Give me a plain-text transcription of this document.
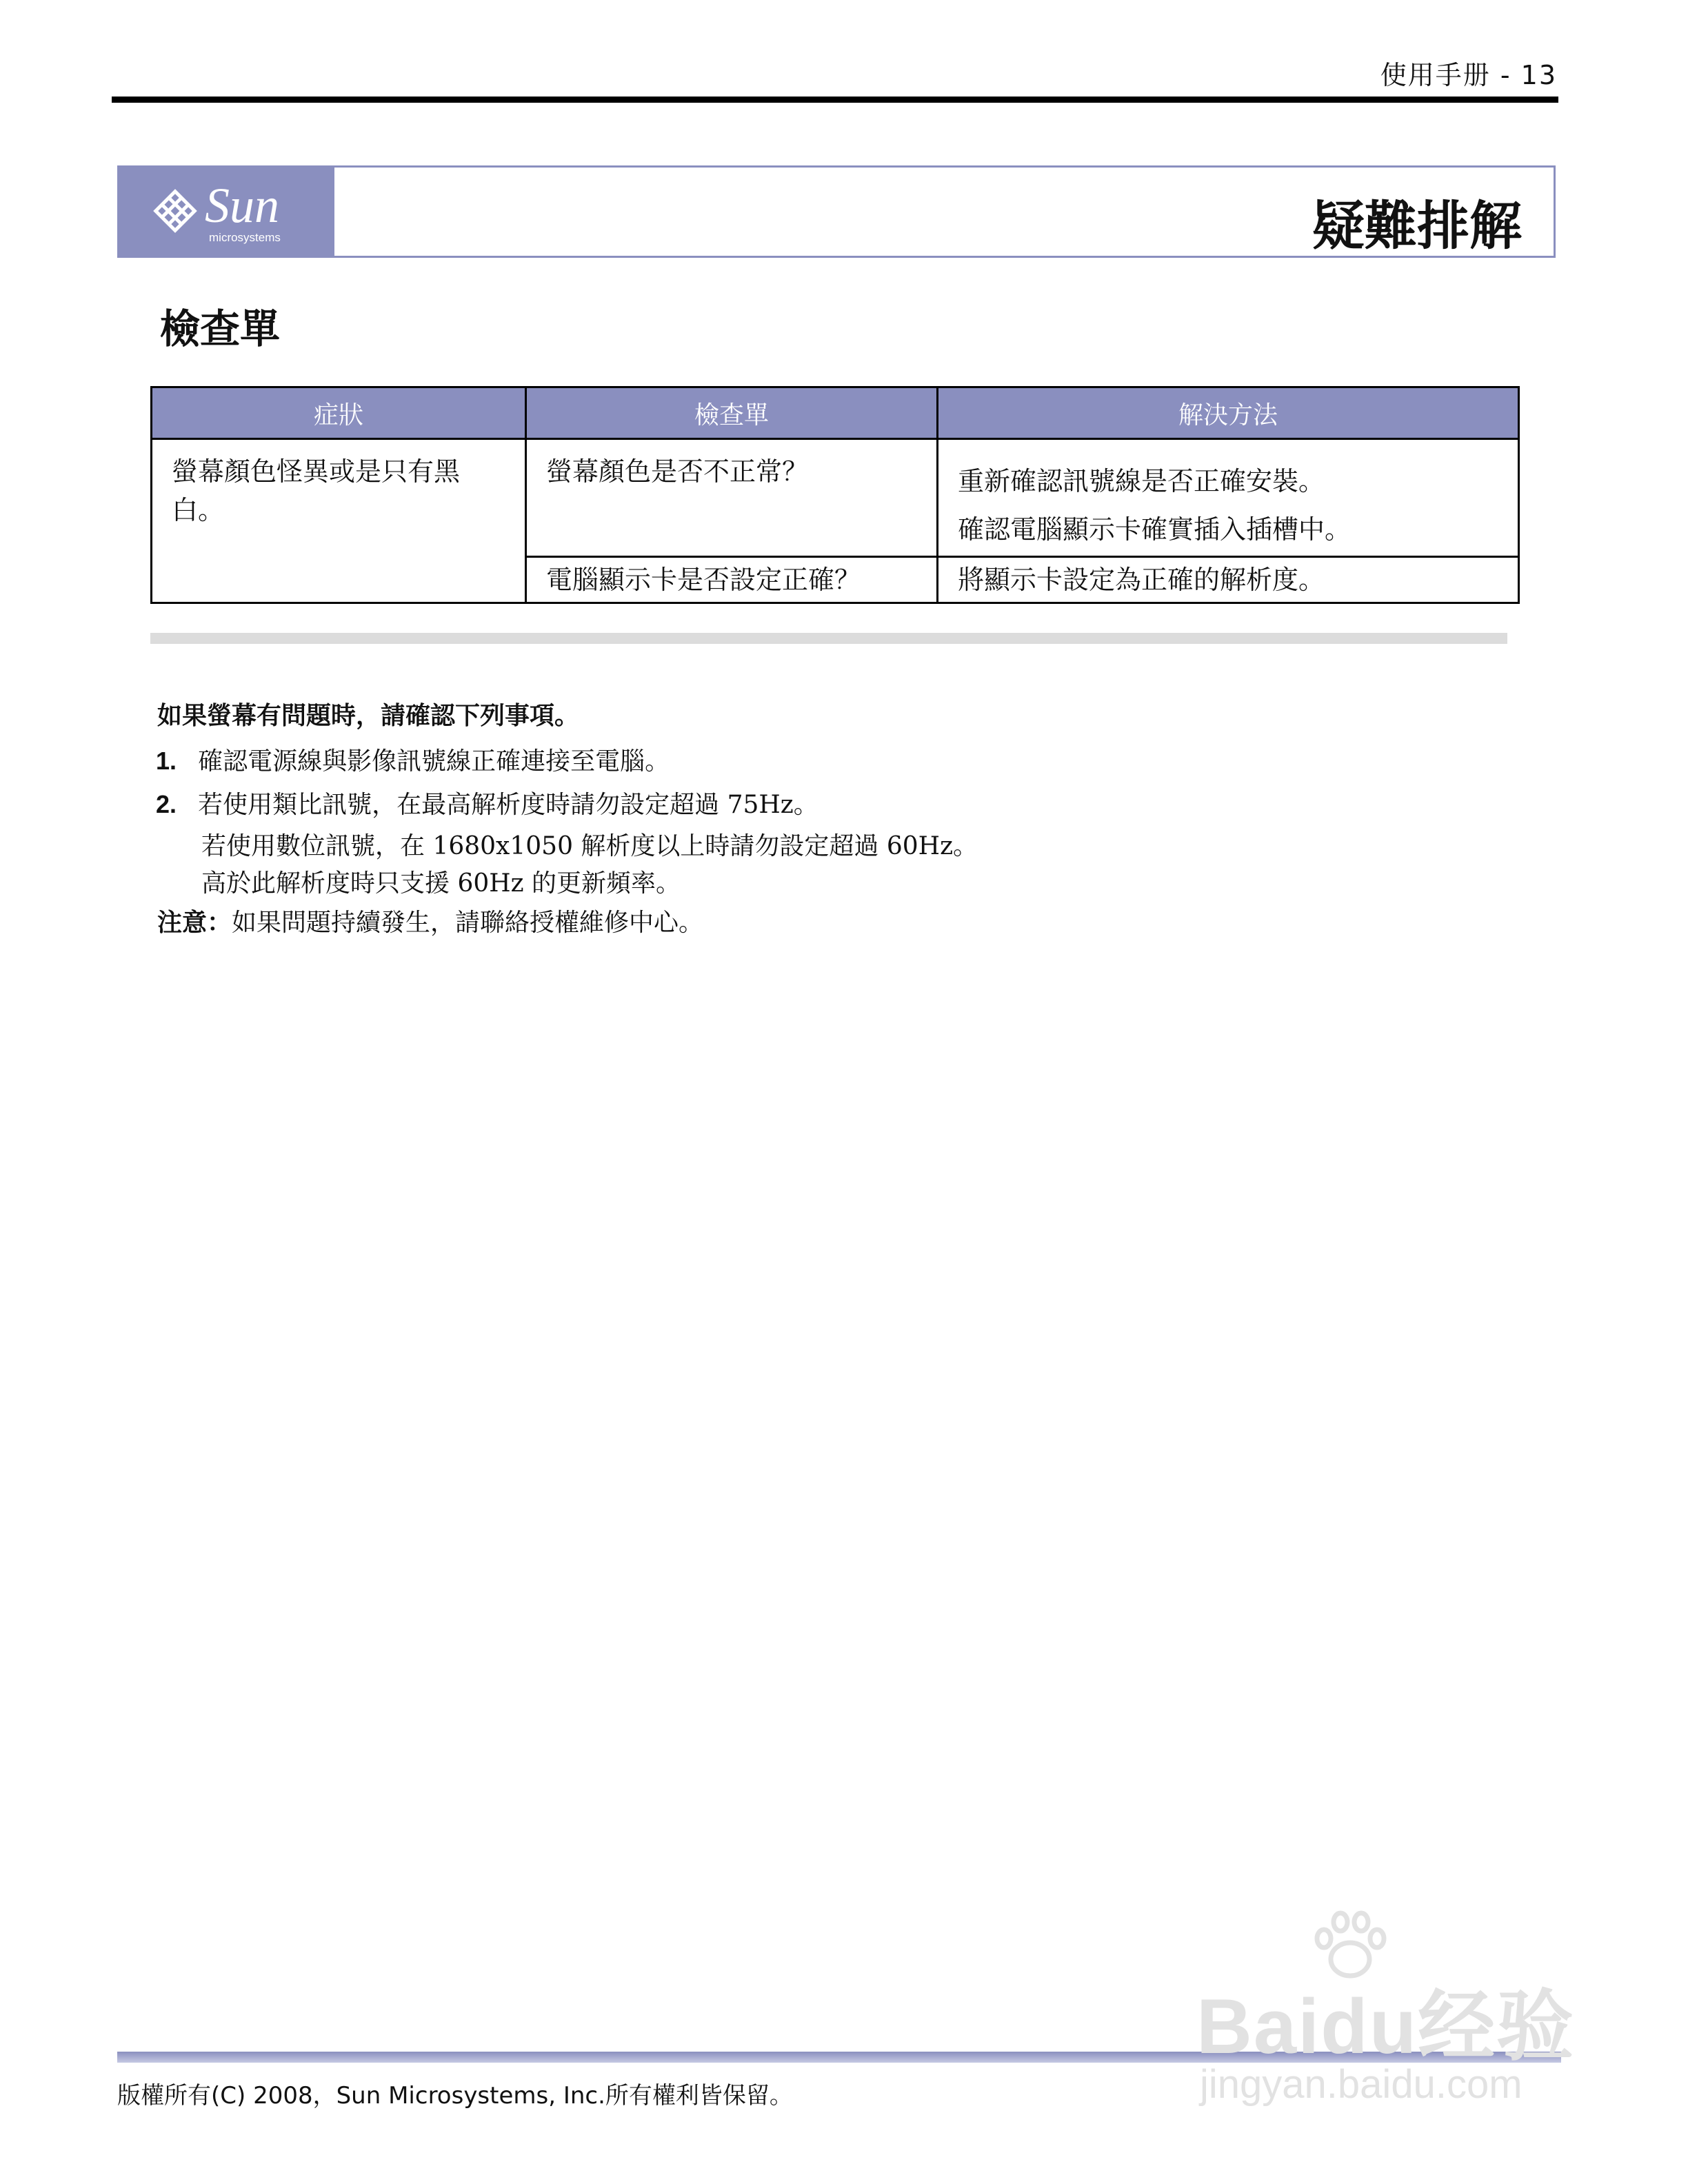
使用手册 - 13
Sun
microsystems	疑難排解
檢查單
症狀	檢查單	解決方法

螢幕顏色怪異或是只有黑白。	螢幕顏色是否不正常？	重新確認訊號線是否正確安裝。
確認電腦顯示卡確實插入插槽中。

	電腦顯示卡是否設定正確？	將顯示卡設定為正確的解析度。
如果螢幕有問題時，請確認下列事項。
1. 確認電源線與影像訊號線正確連接至電腦。
2. 若使用類比訊號，在最高解析度時請勿設定超過 75Hz。
若使用數位訊號，在 1680x1050 解析度以上時請勿設定超過 60Hz。
高於此解析度時只支援 60Hz 的更新頻率。
注意：如果問題持續發生，請聯絡授權維修中心。
版權所有(C) 2008，Sun Microsystems, Inc.所有權利皆保留。
Baidu经验
jingyan.baidu.com
